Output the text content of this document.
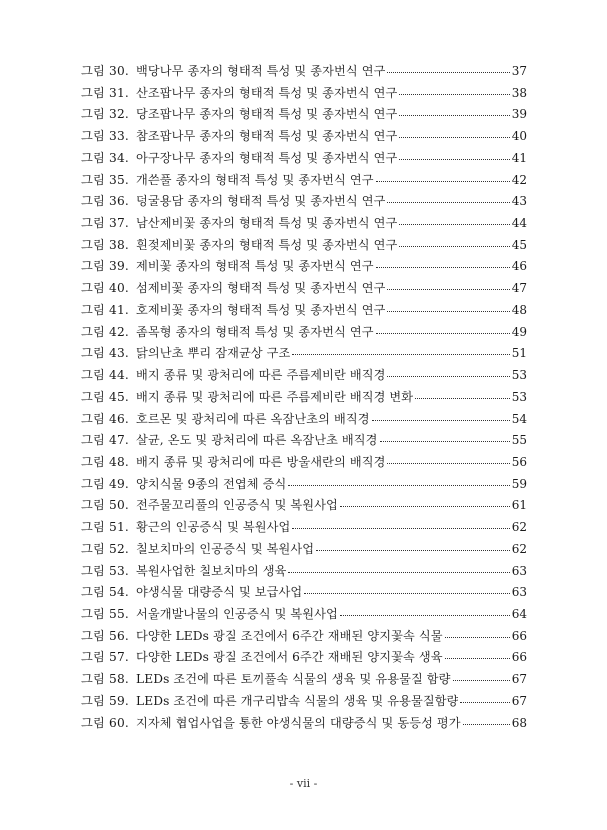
그림 30. 백당나무 종자의 형태적 특성 및 종자번식 연구	37
그림 31. 산조팝나무 종자의 형태적 특성 및 종자번식 연구	38
그림 32. 당조팝나무 종자의 형태적 특성 및 종자번식 연구	39
그림 33. 참조팝나무 종자의 형태적 특성 및 종자번식 연구	40
그림 34. 아구장나무 종자의 형태적 특성 및 종자번식 연구	41
그림 35. 개쓴풀 종자의 형태적 특성 및 종자번식 연구	42
그림 36. 덩굴용담 종자의 형태적 특성 및 종자번식 연구	43
그림 37. 남산제비꽃 종자의 형태적 특성 및 종자번식 연구	44
그림 38. 흰젖제비꽃 종자의 형태적 특성 및 종자번식 연구	45
그림 39. 제비꽃 종자의 형태적 특성 및 종자번식 연구	46
그림 40. 섬제비꽃 종자의 형태적 특성 및 종자번식 연구	47
그림 41. 호제비꽃 종자의 형태적 특성 및 종자번식 연구	48
그림 42. 좀목형 종자의 형태적 특성 및 종자번식 연구	49
그림 43. 닭의난초 뿌리 잠재균상 구조	51
그림 44. 배지 종류 및 광처리에 따른 주름제비란 배직경	53
그림 45. 배지 종류 및 광처리에 따른 주름제비란 배직경 변화	53
그림 46. 호르몬 및 광처리에 따른 옥잠난초의 배직경	54
그림 47. 살균, 온도 및 광처리에 따른 옥잠난초 배직경	55
그림 48. 배지 종류 및 광처리에 따른 방울새란의 배직경	56
그림 49. 양치식물 9종의 전엽체 증식	59
그림 50. 전주물꼬리풀의 인공증식 및 복원사업	61
그림 51. 황근의 인공증식 및 복원사업	62
그림 52. 칠보치마의 인공증식 및 복원사업	62
그림 53. 복원사업한 칠보치마의 생육	63
그림 54. 야생식물 대량증식 및 보급사업	63
그림 55. 서울개발나물의 인공증식 및 복원사업	64
그림 56. 다양한 LEDs 광질 조건에서 6주간 재배된 양지꽃속 식물	66
그림 57. 다양한 LEDs 광질 조건에서 6주간 재배된 양지꽃속 생육	66
그림 58. LEDs 조건에 따른 토끼풀속 식물의 생육 및 유용물질 함량	67
그림 59. LEDs 조건에 따른 개구리밥속 식물의 생육 및 유용물질함량	67
그림 60. 지자체 협업사업을 통한 야생식물의 대량증식 및 동등성 평가	68
- vii -
